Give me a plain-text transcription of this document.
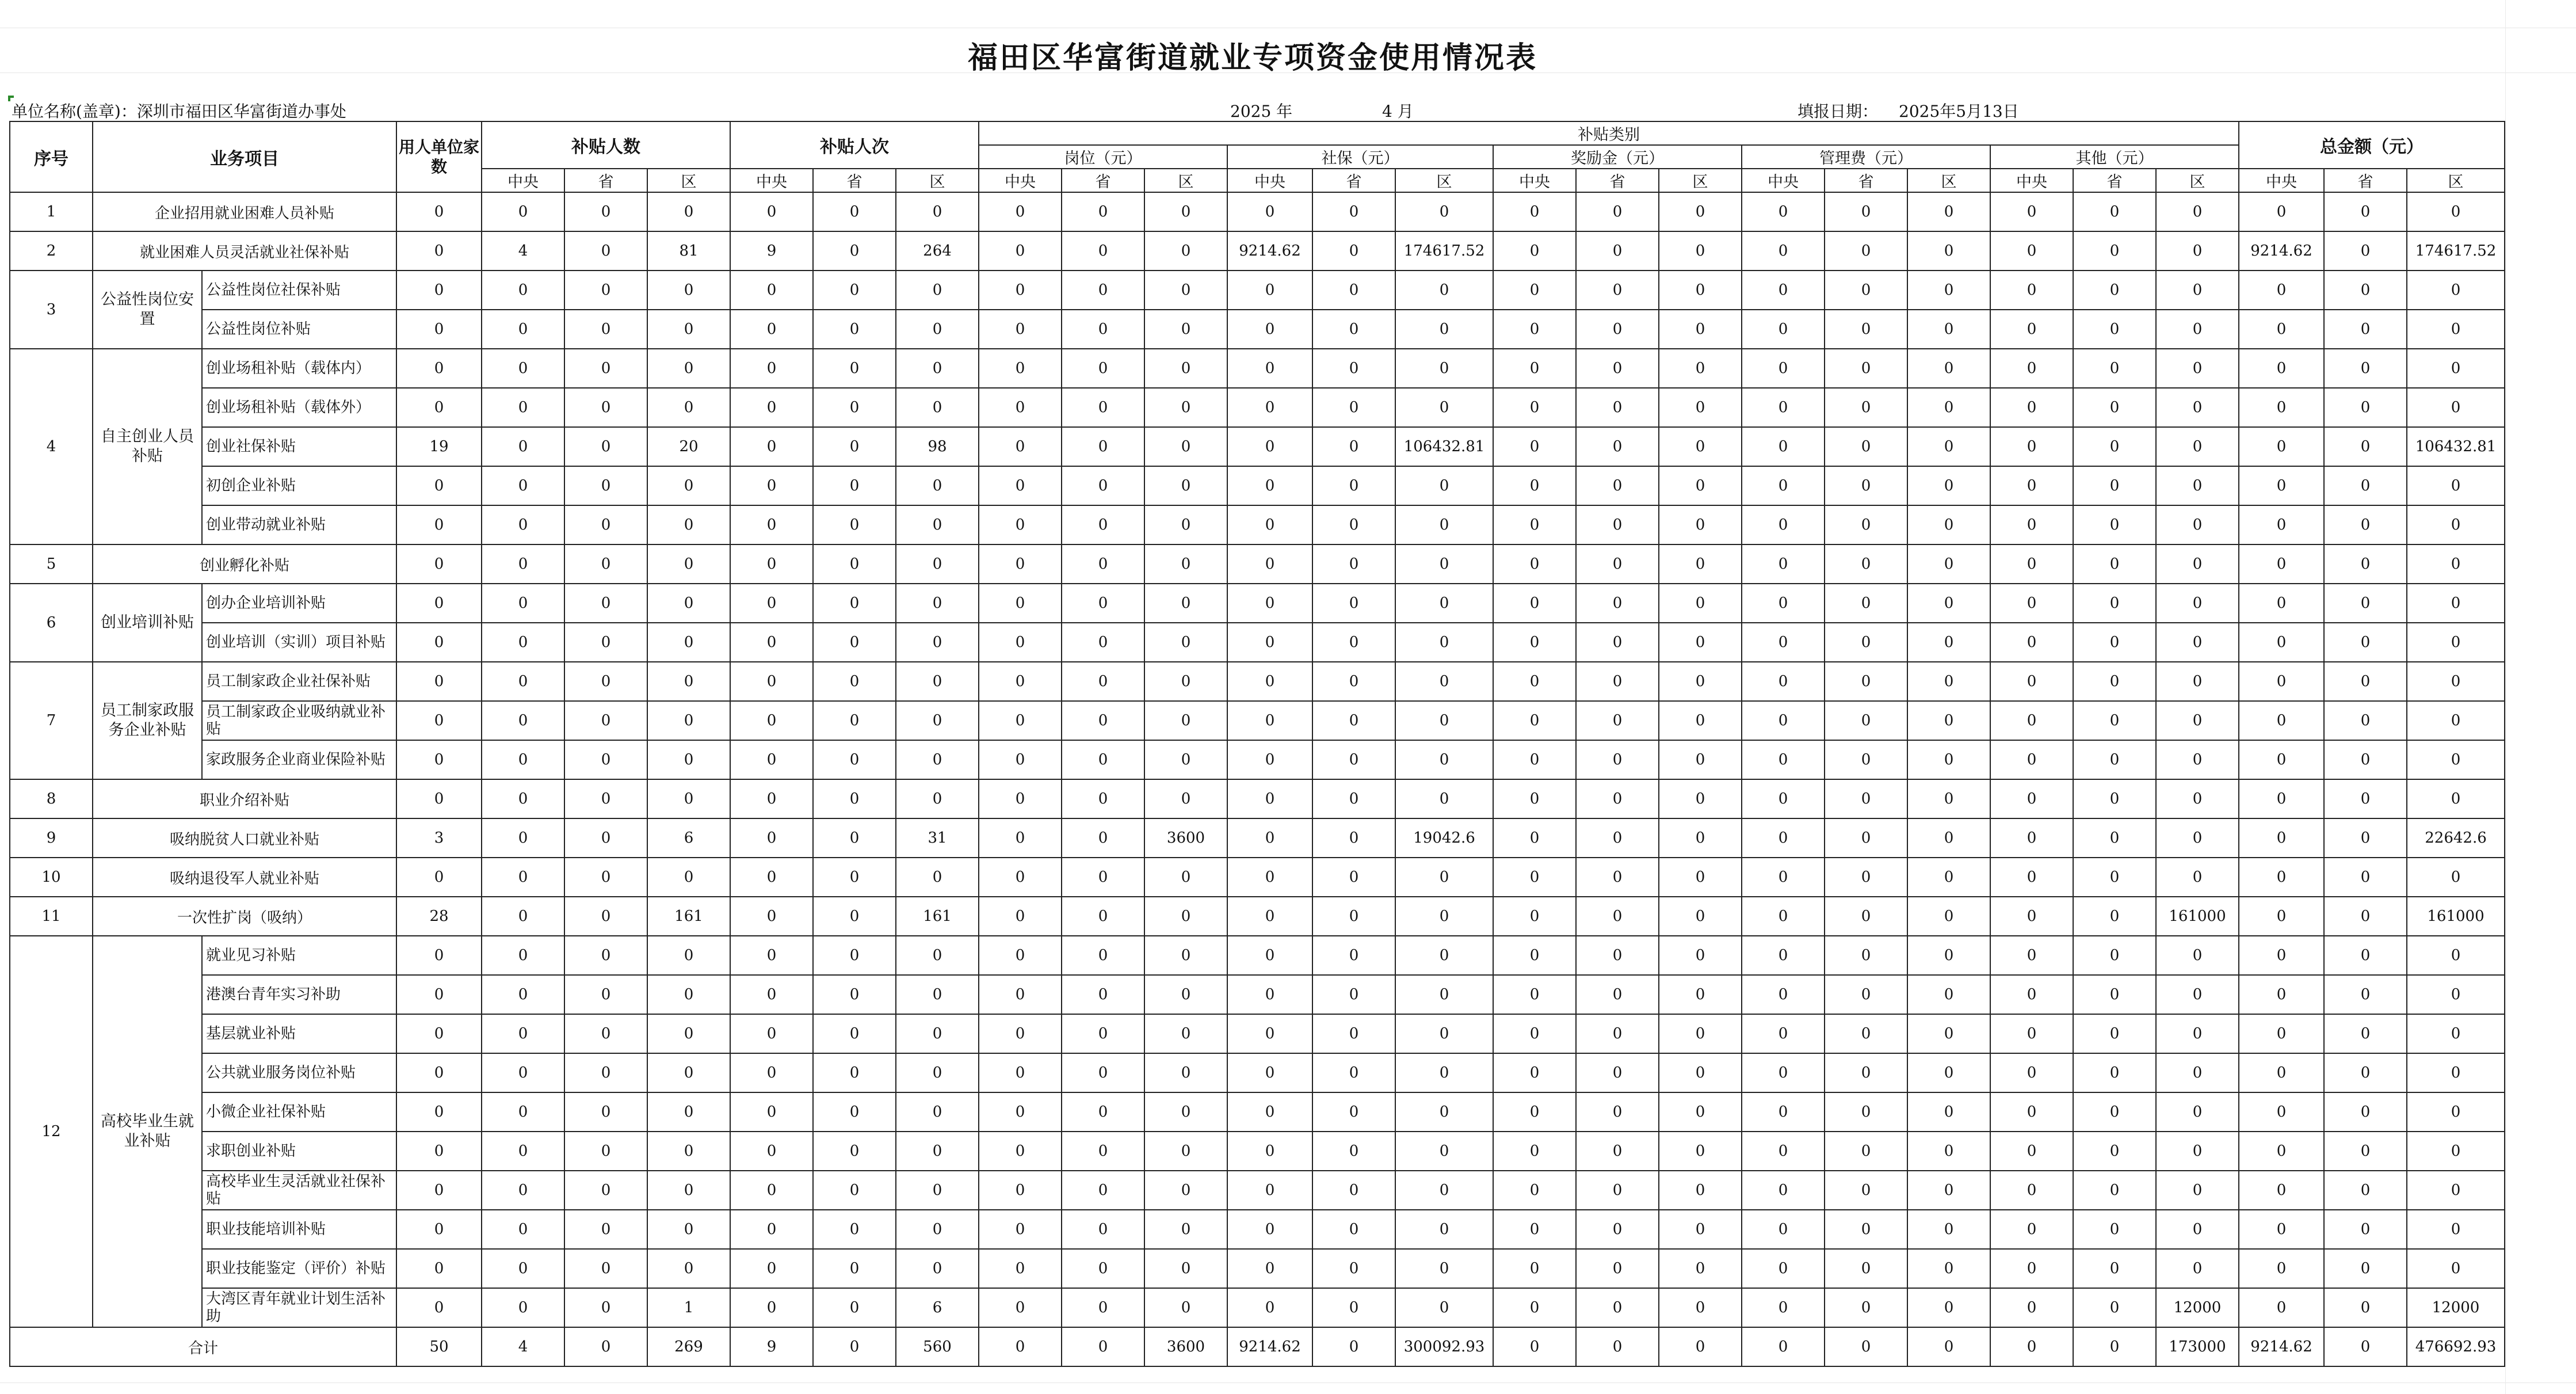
福田区华富街道就业专项资金使用情况表
单位名称(盖章)：深圳市福田区华富街道办事处	2025 年	4 月	填报日期： 2025年5月13日
序号	业务项目		用人单位家数	补贴人数			补贴人次			补贴类别															总金额（元）		
										岗位（元）			社保（元）			奖励金（元）			管理费（元）			其他（元）					
				中央	省	区	中央	省	区	中央	省	区	中央	省	区	中央	省	区	中央	省	区	中央	省	区	中央	省	区
1	企业招用就业困难人员补贴		0	0	0	0	0	0	0	0	0	0	0	0	0	0	0	0	0	0	0	0	0	0	0	0	0
2	就业困难人员灵活就业社保补贴		0	4	0	81	9	0	264	0	0	0	9214.62	0	174617.52	0	0	0	0	0	0	0	0	0	9214.62	0	174617.52
3	公益性岗位安置	公益性岗位社保补贴	0	0	0	0	0	0	0	0	0	0	0	0	0	0	0	0	0	0	0	0	0	0	0	0	0
		公益性岗位补贴	0	0	0	0	0	0	0	0	0	0	0	0	0	0	0	0	0	0	0	0	0	0	0	0	0
4	自主创业人员补贴	创业场租补贴（载体内）	0	0	0	0	0	0	0	0	0	0	0	0	0	0	0	0	0	0	0	0	0	0	0	0	0
		创业场租补贴（载体外）	0	0	0	0	0	0	0	0	0	0	0	0	0	0	0	0	0	0	0	0	0	0	0	0	0
		创业社保补贴	19	0	0	20	0	0	98	0	0	0	0	0	106432.81	0	0	0	0	0	0	0	0	0	0	0	106432.81
		初创企业补贴	0	0	0	0	0	0	0	0	0	0	0	0	0	0	0	0	0	0	0	0	0	0	0	0	0
		创业带动就业补贴	0	0	0	0	0	0	0	0	0	0	0	0	0	0	0	0	0	0	0	0	0	0	0	0	0
5	创业孵化补贴		0	0	0	0	0	0	0	0	0	0	0	0	0	0	0	0	0	0	0	0	0	0	0	0	0
6	创业培训补贴	创办企业培训补贴	0	0	0	0	0	0	0	0	0	0	0	0	0	0	0	0	0	0	0	0	0	0	0	0	0
		创业培训（实训）项目补贴	0	0	0	0	0	0	0	0	0	0	0	0	0	0	0	0	0	0	0	0	0	0	0	0	0
7	员工制家政服务企业补贴	员工制家政企业社保补贴	0	0	0	0	0	0	0	0	0	0	0	0	0	0	0	0	0	0	0	0	0	0	0	0	0
		员工制家政企业吸纳就业补贴	0	0	0	0	0	0	0	0	0	0	0	0	0	0	0	0	0	0	0	0	0	0	0	0	0
		家政服务企业商业保险补贴	0	0	0	0	0	0	0	0	0	0	0	0	0	0	0	0	0	0	0	0	0	0	0	0	0
8	职业介绍补贴		0	0	0	0	0	0	0	0	0	0	0	0	0	0	0	0	0	0	0	0	0	0	0	0	0
9	吸纳脱贫人口就业补贴		3	0	0	6	0	0	31	0	0	3600	0	0	19042.6	0	0	0	0	0	0	0	0	0	0	0	22642.6
10	吸纳退役军人就业补贴		0	0	0	0	0	0	0	0	0	0	0	0	0	0	0	0	0	0	0	0	0	0	0	0	0
11	一次性扩岗（吸纳）		28	0	0	161	0	0	161	0	0	0	0	0	0	0	0	0	0	0	0	0	0	161000	0	0	161000
12	高校毕业生就业补贴	就业见习补贴	0	0	0	0	0	0	0	0	0	0	0	0	0	0	0	0	0	0	0	0	0	0	0	0	0
		港澳台青年实习补助	0	0	0	0	0	0	0	0	0	0	0	0	0	0	0	0	0	0	0	0	0	0	0	0	0
		基层就业补贴	0	0	0	0	0	0	0	0	0	0	0	0	0	0	0	0	0	0	0	0	0	0	0	0	0
		公共就业服务岗位补贴	0	0	0	0	0	0	0	0	0	0	0	0	0	0	0	0	0	0	0	0	0	0	0	0	0
		小微企业社保补贴	0	0	0	0	0	0	0	0	0	0	0	0	0	0	0	0	0	0	0	0	0	0	0	0	0
		求职创业补贴	0	0	0	0	0	0	0	0	0	0	0	0	0	0	0	0	0	0	0	0	0	0	0	0	0
		高校毕业生灵活就业社保补贴	0	0	0	0	0	0	0	0	0	0	0	0	0	0	0	0	0	0	0	0	0	0	0	0	0
		职业技能培训补贴	0	0	0	0	0	0	0	0	0	0	0	0	0	0	0	0	0	0	0	0	0	0	0	0	0
		职业技能鉴定（评价）补贴	0	0	0	0	0	0	0	0	0	0	0	0	0	0	0	0	0	0	0	0	0	0	0	0	0
		大湾区青年就业计划生活补助	0	0	0	1	0	0	6	0	0	0	0	0	0	0	0	0	0	0	0	0	0	12000	0	0	12000
合计			50	4	0	269	9	0	560	0	0	3600	9214.62	0	300092.93	0	0	0	0	0	0	0	0	173000	9214.62	0	476692.93
